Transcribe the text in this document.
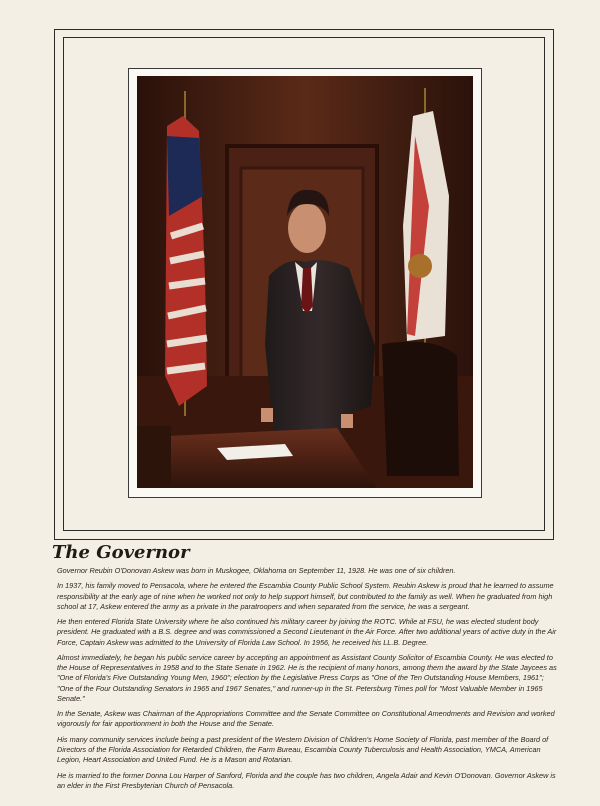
The Governor

Governor Reubin O'Donovan Askew was born in Muskogee, Oklahoma on September 11, 1928. He was one of six children.

In 1937, his family moved to Pensacola, where he entered the Escambia County Public School System. Reubin Askew is proud that he learned to assume responsibility at the early age of nine when he worked not only to help support himself, but contributed to the family as well. When he graduated from high school at 17, Askew entered the army as a private in the paratroopers and when separated from the service, he was a sergeant.

He then entered Florida State University where he also continued his military career by joining the ROTC. While at FSU, he was elected student body president. He graduated with a B.S. degree and was commissioned a Second Lieutenant in the Air Force. After two additional years of active duty in the Air Force, Captain Askew was admitted to the University of Florida Law School. In 1956, he received his LL.B. Degree.

Almost immediately, he began his public service career by accepting an appointment as Assistant County Solicitor of Escambia County. He was elected to the House of Representatives in 1958 and to the State Senate in 1962. He is the recipient of many honors, among them the award by the State Jaycees as "One of Florida's Five Outstanding Young Men, 1960"; election by the Legislative Press Corps as "One of the Ten Outstanding House Members, 1961"; "One of the Four Outstanding Senators in 1965 and 1967 Senates," and runner-up in the St. Petersburg Times poll for "Most Valuable Member in 1965 Senate."

In the Senate, Askew was Chairman of the Appropriations Committee and the Senate Committee on Constitutional Amendments and Revision and worked vigorously for fair apportionment in both the House and the Senate.

His many community services include being a past president of the Western Division of Children's Home Society of Florida, past member of the Board of Directors of the Florida Association for Retarded Children, the Farm Bureau, Escambia County Tuberculosis and Health Association, YMCA, American Legion, Heart Association and United Fund. He is a Mason and Rotarian.

He is married to the former Donna Lou Harper of Sanford, Florida and the couple has two children, Angela Adair and Kevin O'Donovan. Governor Askew is an elder in the First Presbyterian Church of Pensacola.
